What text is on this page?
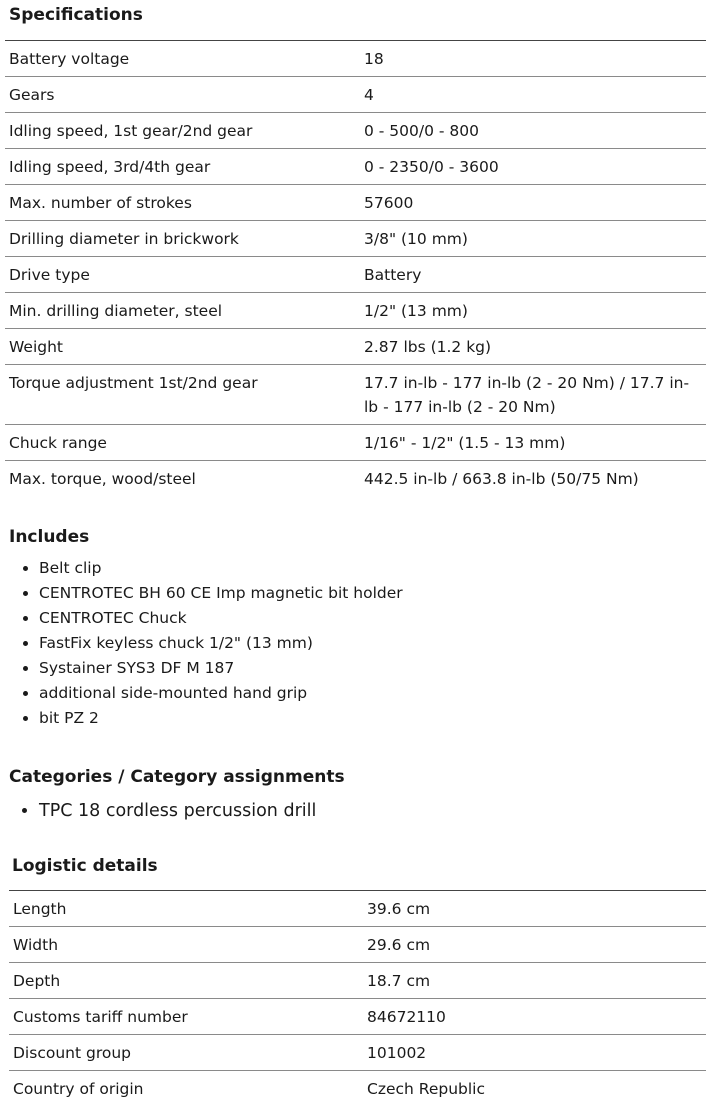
Specifications
Battery voltage	18
Gears	4
Idling speed, 1st gear/2nd gear	0 - 500/0 - 800
Idling speed, 3rd/4th gear	0 - 2350/0 - 3600
Max. number of strokes	57600
Drilling diameter in brickwork	3/8" (10 mm)
Drive type	Battery
Min. drilling diameter, steel	1/2" (13 mm)
Weight	2.87 lbs (1.2 kg)
Torque adjustment 1st/2nd gear	17.7 in-lb - 177 in-lb (2 - 20 Nm) / 17.7 in-lb - 177 in-lb (2 - 20 Nm)
Chuck range	1/16" - 1/2" (1.5 - 13 mm)
Max. torque, wood/steel	442.5 in-lb / 663.8 in-lb (50/75 Nm)
Includes
• Belt clip
• CENTROTEC BH 60 CE Imp magnetic bit holder
• CENTROTEC Chuck
• FastFix keyless chuck 1/2" (13 mm)
• Systainer SYS3 DF M 187
• additional side-mounted hand grip
• bit PZ 2
Categories / Category assignments
• TPC 18 cordless percussion drill
Logistic details
Length	39.6 cm
Width	29.6 cm
Depth	18.7 cm
Customs tariff number	84672110
Discount group	101002
Country of origin	Czech Republic
